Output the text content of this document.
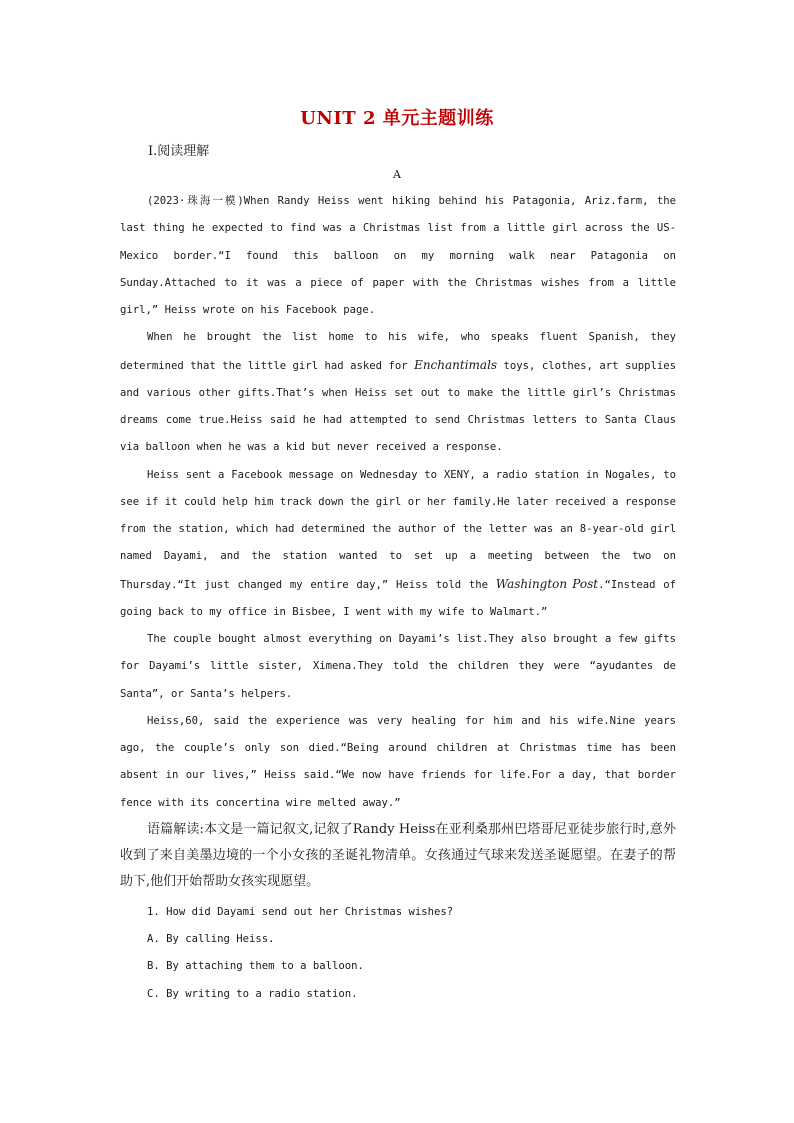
UNIT 2 单元主题训练
Ⅰ.阅读理解
A

(2023·珠海一模)When Randy Heiss went hiking behind his Patagonia, Ariz.farm, the last thing he expected to find was a Christmas list from a little girl across the US-Mexico border.“I found this balloon on my morning walk near Patagonia on Sunday.Attached to it was a piece of paper with the Christmas wishes from a little girl,” Heiss wrote on his Facebook page.

When he brought the list home to his wife, who speaks fluent Spanish, they determined that the little girl had asked for Enchantimals toys, clothes, art supplies and various other gifts.That’s when Heiss set out to make the little girl’s Christmas dreams come true.Heiss said he had attempted to send Christmas letters to Santa Claus via balloon when he was a kid but never received a response.

Heiss sent a Facebook message on Wednesday to XENY, a radio station in Nogales, to see if it could help him track down the girl or her family.He later received a response from the station, which had determined the author of the letter was an 8-year-old girl named Dayami, and the station wanted to set up a meeting between the two on Thursday.“It just changed my entire day,” Heiss told the Washington Post.“Instead of going back to my office in Bisbee, I went with my wife to Walmart.”

The couple bought almost everything on Dayami’s list.They also brought a few gifts for Dayami’s little sister, Ximena.They told the children they were “ayudantes de Santa”, or Santa’s helpers.

Heiss,60, said the experience was very healing for him and his wife.Nine years ago, the couple’s only son died.“Being around children at Christmas time has been absent in our lives,” Heiss said.“We now have friends for life.For a day, that border fence with its concertina wire melted away.”

语篇解读:本文是一篇记叙文,记叙了Randy Heiss在亚利桑那州巴塔哥尼亚徒步旅行时,意外收到了来自美墨边境的一个小女孩的圣诞礼物清单。女孩通过气球来发送圣诞愿望。在妻子的帮助下,他们开始帮助女孩实现愿望。

1. How did Dayami send out her Christmas wishes?

A. By calling Heiss.

B. By attaching them to a balloon.

C. By writing to a radio station.
